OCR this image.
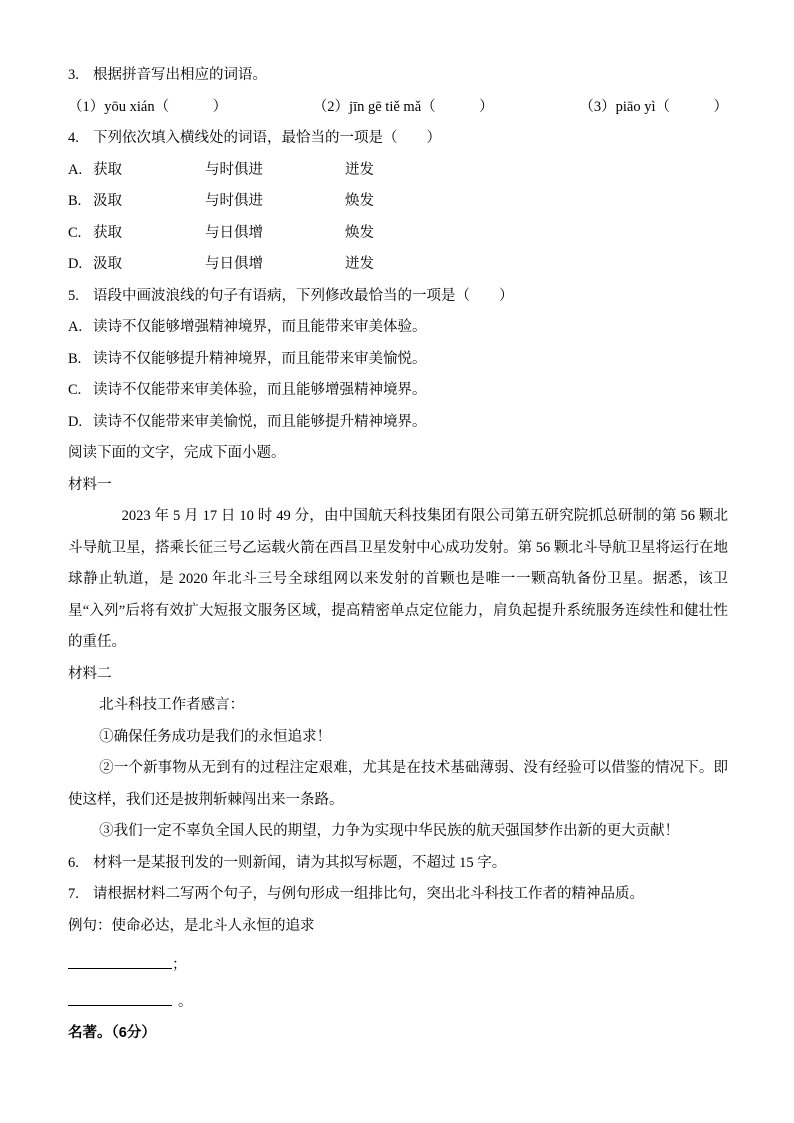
3. 根据拼音写出相应的词语。
（1）yōu xián（　　　）	（2）jīn gē tiě mǎ（　　　）	（3）piāo yì（　　　）
4. 下列依次填入横线处的词语，最恰当的一项是（　　）
A. 获取	与时俱进	迸发
B. 汲取	与时俱进	焕发
C. 获取	与日俱增	焕发
D. 汲取	与日俱增	迸发
5. 语段中画波浪线的句子有语病，下列修改最恰当的一项是（　　）
A. 读诗不仅能够增强精神境界，而且能带来审美体验。
B. 读诗不仅能够提升精神境界，而且能带来审美愉悦。
C. 读诗不仅能带来审美体验，而且能够增强精神境界。
D. 读诗不仅能带来审美愉悦，而且能够提升精神境界。
阅读下面的文字，完成下面小题。
材料一
2023 年 5 月 17 日 10 时 49 分，由中国航天科技集团有限公司第五研究院抓总研制的第 56 颗北斗导航卫星，搭乘长征三号乙运载火箭在西昌卫星发射中心成功发射。第 56 颗北斗导航卫星将运行在地球静止轨道，是 2020 年北斗三号全球组网以来发射的首颗也是唯一一颗高轨备份卫星。据悉，该卫星“入列”后将有效扩大短报文服务区域，提高精密单点定位能力，肩负起提升系统服务连续性和健壮性的重任。
材料二
北斗科技工作者感言：
①确保任务成功是我们的永恒追求！
②一个新事物从无到有的过程注定艰难，尤其是在技术基础薄弱、没有经验可以借鉴的情况下。即使这样，我们还是披荆斩棘闯出来一条路。
③我们一定不辜负全国人民的期望，力争为实现中华民族的航天强国梦作出新的更大贡献！
6. 材料一是某报刊发的一则新闻，请为其拟写标题，不超过 15 字。
7. 请根据材料二写两个句子，与例句形成一组排比句，突出北斗科技工作者的精神品质。
例句：使命必达，是北斗人永恒的追求
；
。
名著。（6分）
